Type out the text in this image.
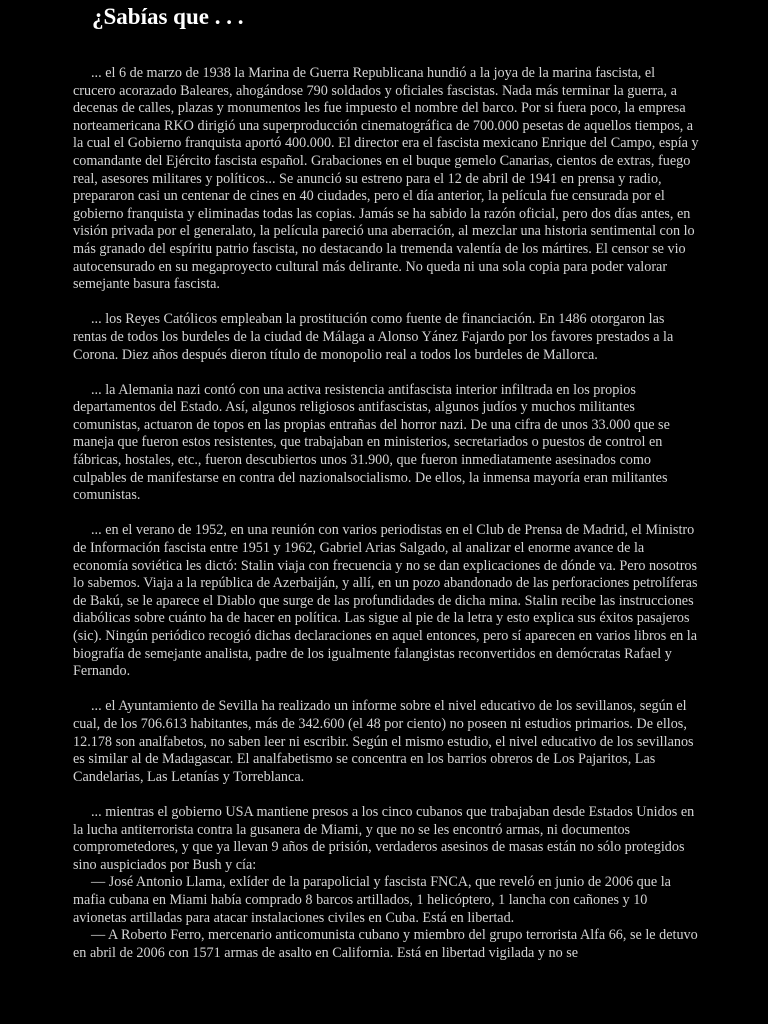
¿Sabías que . . .

... el 6 de marzo de 1938 la Marina de Guerra Republicana hundió a la joya de la marina fascista, el crucero acorazado Baleares, ahogándose 790 soldados y oficiales fascistas. Nada más terminar la guerra, a decenas de calles, plazas y monumentos les fue impuesto el nombre del barco. Por si fuera poco, la empresa norteamericana RKO dirigió una superproducción cinematográfica de 700.000 pesetas de aquellos tiempos, a la cual el Gobierno franquista aportó 400.000. El director era el fascista mexicano Enrique del Campo, espía y comandante del Ejército fascista español. Grabaciones en el buque gemelo Canarias, cientos de extras, fuego real, asesores militares y políticos... Se anunció su estreno para el 12 de abril de 1941 en prensa y radio, prepararon casi un centenar de cines en 40 ciudades, pero el día anterior, la película fue censurada por el gobierno franquista y eliminadas todas las copias. Jamás se ha sabido la razón oficial, pero dos días antes, en visión privada por el generalato, la película pareció una aberración, al mezclar una historia sentimental con lo más granado del espíritu patrio fascista, no destacando la tremenda valentía de los mártires. El censor se vio autocensurado en su megaproyecto cultural más delirante. No queda ni una sola copia para poder valorar semejante basura fascista.

... los Reyes Católicos empleaban la prostitución como fuente de financiación. En 1486 otorgaron las rentas de todos los burdeles de la ciudad de Málaga a Alonso Yánez Fajardo por los favores prestados a la Corona. Diez años después dieron título de monopolio real a todos los burdeles de Mallorca.

... la Alemania nazi contó con una activa resistencia antifascista interior infiltrada en los propios departamentos del Estado. Así, algunos religiosos antifascistas, algunos judíos y muchos militantes comunistas, actuaron de topos en las propias entrañas del horror nazi. De una cifra de unos 33.000 que se maneja que fueron estos resistentes, que trabajaban en ministerios, secretariados o puestos de control en fábricas, hostales, etc., fueron descubiertos unos 31.900, que fueron inmediatamente asesinados como culpables de manifestarse en contra del nazionalsocialismo. De ellos, la inmensa mayoría eran militantes comunistas.

... en el verano de 1952, en una reunión con varios periodistas en el Club de Prensa de Madrid, el Ministro de Información fascista entre 1951 y 1962, Gabriel Arias Salgado, al analizar el enorme avance de la economía soviética les dictó: Stalin viaja con frecuencia y no se dan explicaciones de dónde va. Pero nosotros lo sabemos. Viaja a la república de Azerbaiján, y allí, en un pozo abandonado de las perforaciones petrolíferas de Bakú, se le aparece el Diablo que surge de las profundidades de dicha mina. Stalin recibe las instrucciones diabólicas sobre cuánto ha de hacer en política. Las sigue al pie de la letra y esto explica sus éxitos pasajeros (sic). Ningún periódico recogió dichas declaraciones en aquel entonces, pero sí aparecen en varios libros en la biografía de semejante analista, padre de los igualmente falangistas reconvertidos en demócratas Rafael y Fernando.

... el Ayuntamiento de Sevilla ha realizado un informe sobre el nivel educativo de los sevillanos, según el cual, de los 706.613 habitantes, más de 342.600 (el 48 por ciento) no poseen ni estudios primarios. De ellos, 12.178 son analfabetos, no saben leer ni escribir. Según el mismo estudio, el nivel educativo de los sevillanos es similar al de Madagascar. El analfabetismo se concentra en los barrios obreros de Los Pajaritos, Las Candelarias, Las Letanías y Torreblanca.

... mientras el gobierno USA mantiene presos a los cinco cubanos que trabajaban desde Estados Unidos en la lucha antiterrorista contra la gusanera de Miami, y que no se les encontró armas, ni documentos comprometedores, y que ya llevan 9 años de prisión, verdaderos asesinos de masas están no sólo protegidos sino auspiciados por Bush y cía:

— José Antonio Llama, exlíder de la parapolicial y fascista FNCA, que reveló en junio de 2006 que la mafia cubana en Miami había comprado 8 barcos artillados, 1 helicóptero, 1 lancha con cañones y 10 avionetas artilladas para atacar instalaciones civiles en Cuba. Está en libertad.

— A Roberto Ferro, mercenario anticomunista cubano y miembro del grupo terrorista Alfa 66, se le detuvo en abril de 2006 con 1571 armas de asalto en California. Está en libertad vigilada y no se
